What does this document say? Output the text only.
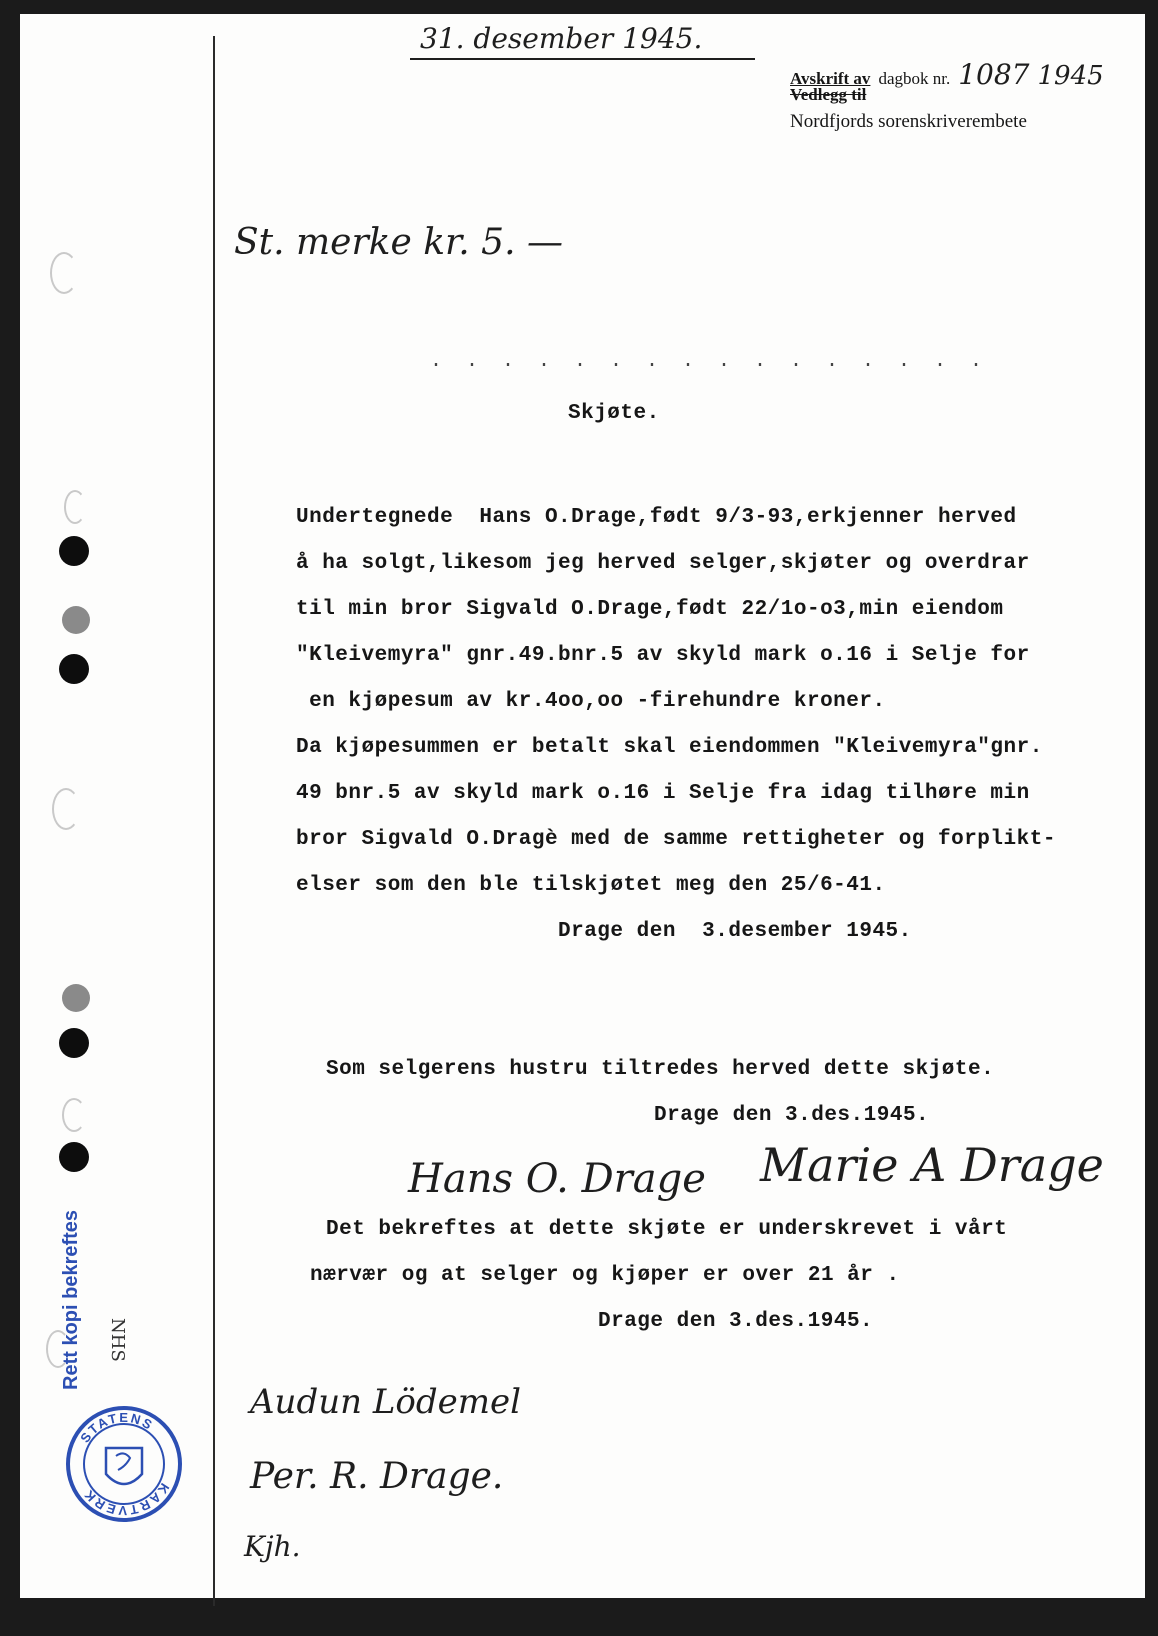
31. desember 1945.
Avskrift av dagbok nr. 1087 1945
Vedlegg til
Nordfjords sorenskriverembete
St. merke kr. 5. —
. . . . . . . . . . . . . . . .
Skjøte.
Undertegnede  Hans O.Drage,født 9/3-93,erkjenner herved
å ha solgt,likesom jeg herved selger,skjøter og overdrar
til min bror Sigvald O.Drage,født 22/1o-o3,min eiendom
"Kleivemyra" gnr.49.bnr.5 av skyld mark o.16 i Selje for
en kjøpesum av kr.4oo,oo -firehundre kroner.
Da kjøpesummen er betalt skal eiendommen "Kleivemyra"gnr.
49 bnr.5 av skyld mark o.16 i Selje fra idag tilhøre min
bror Sigvald O.Dragè med de samme rettigheter og forplikt-
elser som den ble tilskjøtet meg den 25/6-41.
Drage den  3.desember 1945.
Som selgerens hustru tiltredes herved dette skjøte.
Drage den 3.des.1945.
Hans O. Drage Marie A Drage
Det bekreftes at dette skjøte er underskrevet i vårt
nærvær og at selger og kjøper er over 21 år .
Drage den 3.des.1945.
Audun Lödemel
Per. R. Drage.
Kjh.
Rett kopi bekreftes NHS
STATENS
KARTVERK
